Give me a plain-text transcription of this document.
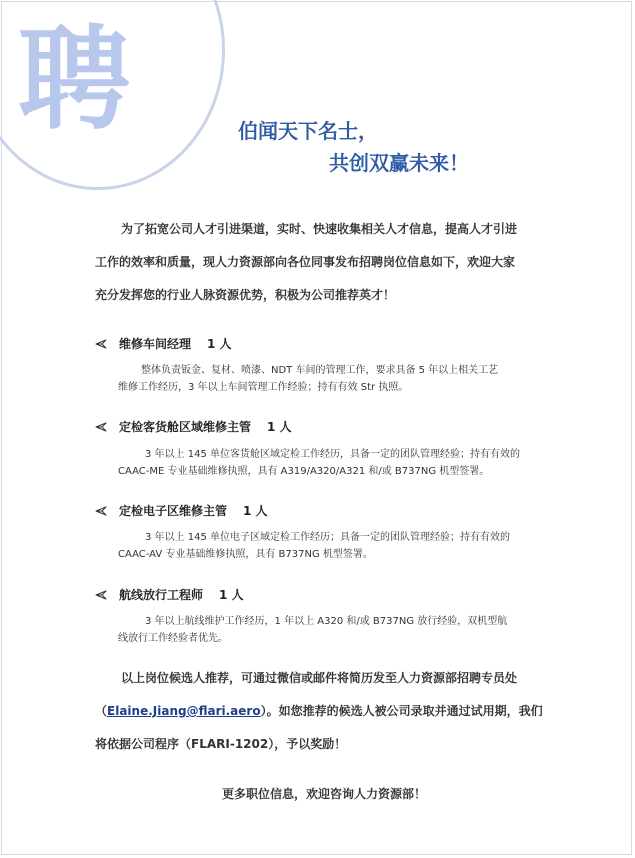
聘	伯闻天下名士，
共创双赢未来！
为了拓宽公司人才引进渠道，实时、快速收集相关人才信息，提高人才引进
工作的效率和质量，现人力资源部向各位同事发布招聘岗位信息如下，欢迎大家
充分发挥您的行业人脉资源优势，积极为公司推荐英才！
维修车间经理 1 人
整体负责钣金、复材、喷漆、NDT 车间的管理工作，要求具备 5 年以上相关工艺
维修工作经历，3 年以上车间管理工作经验；持有有效 Str 执照。
定检客货舱区域维修主管 1 人
3 年以上 145 单位客货舱区域定检工作经历，具备一定的团队管理经验；持有有效的
CAAC-ME 专业基础维修执照，具有 A319/A320/A321 和/或 B737NG 机型签署。
定检电子区维修主管 1 人
3 年以上 145 单位电子区域定检工作经历；具备一定的团队管理经验；持有有效的
CAAC-AV 专业基础维修执照，具有 B737NG 机型签署。
航线放行工程师 1 人
3 年以上航线维护工作经历，1 年以上 A320 和/或 B737NG 放行经验，双机型航
线放行工作经验者优先。
以上岗位候选人推荐，可通过微信或邮件将简历发至人力资源部招聘专员处
（Elaine.Jiang@flari.aero）。如您推荐的候选人被公司录取并通过试用期，我们
将依据公司程序（FLARI-1202），予以奖励！
更多职位信息，欢迎咨询人力资源部！
